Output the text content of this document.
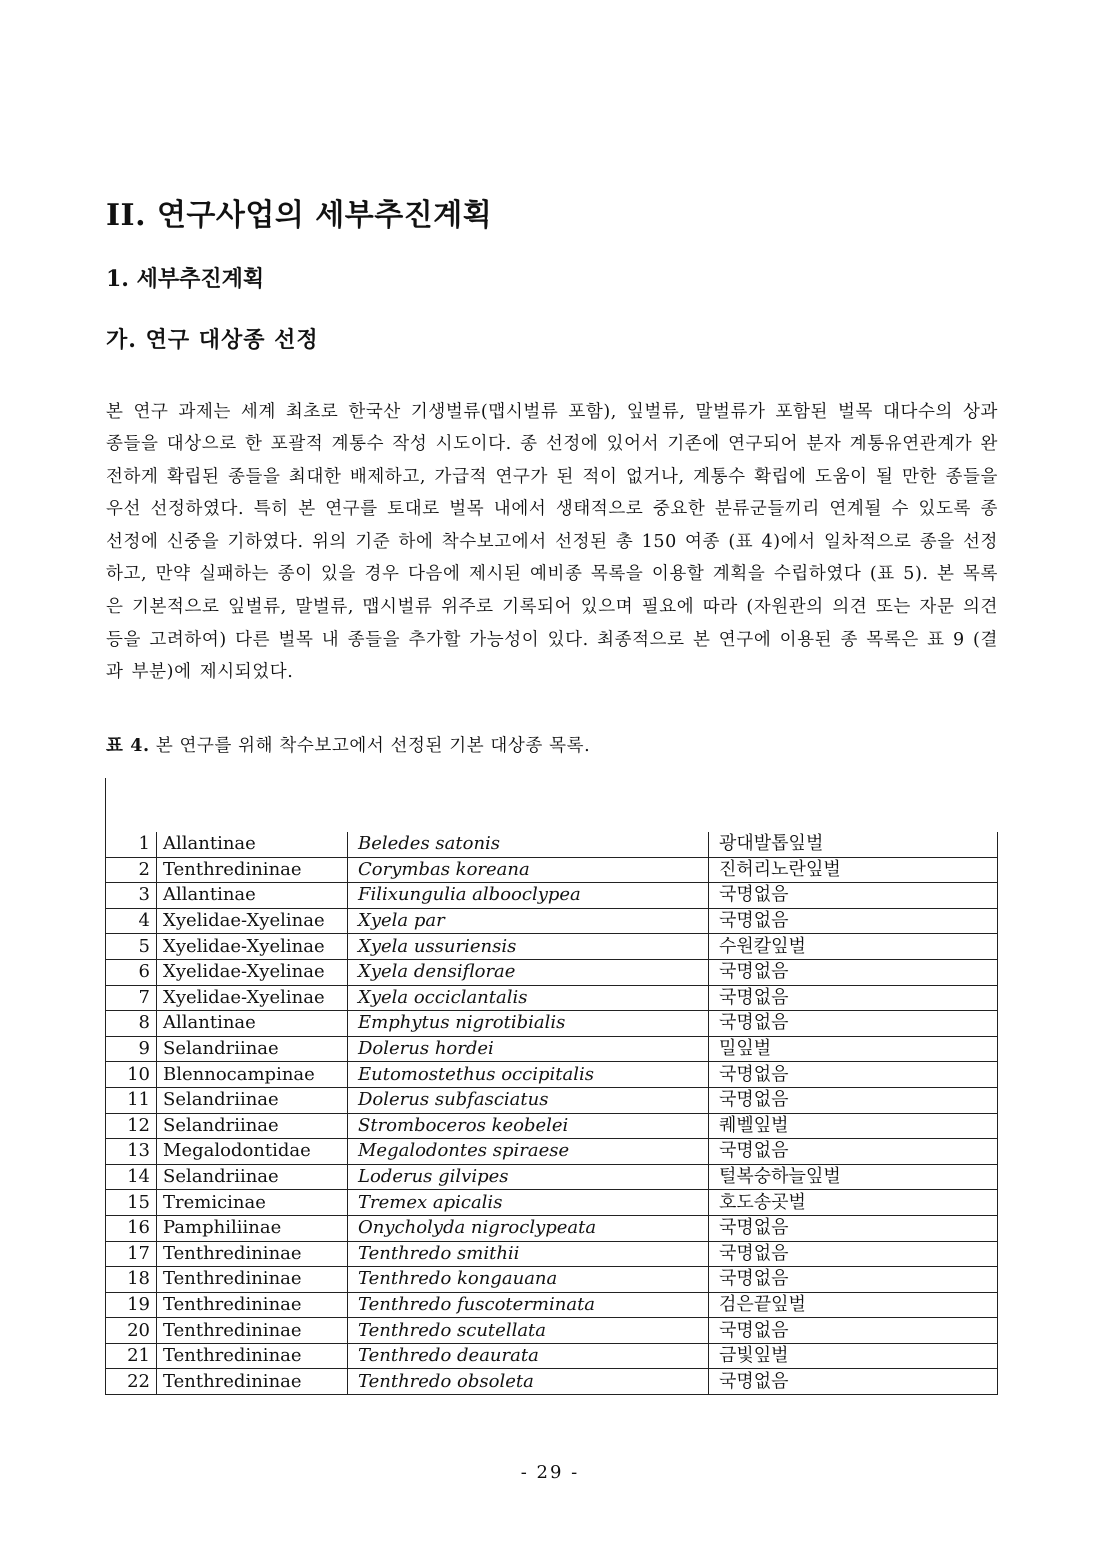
II. 연구사업의 세부추진계획
1. 세부추진계획
가. 연구 대상종 선정

본 연구 과제는 세계 최초로 한국산 기생벌류(맵시벌류 포함), 잎벌류, 말벌류가 포함된 벌목 대다수의 상과 종들을 대상으로 한 포괄적 계통수 작성 시도이다. 종 선정에 있어서 기존에 연구되어 분자 계통유연관계가 완전하게 확립된 종들을 최대한 배제하고, 가급적 연구가 된 적이 없거나, 계통수 확립에 도움이 될 만한 종들을 우선 선정하였다. 특히 본 연구를 토대로 벌목 내에서 생태적으로 중요한 분류군들끼리 연계될 수 있도록 종 선정에 신중을 기하였다. 위의 기준 하에 착수보고에서 선정된 총 150 여종 (표 4)에서 일차적으로 종을 선정하고, 만약 실패하는 종이 있을 경우 다음에 제시된 예비종 목록을 이용할 계획을 수립하였다 (표 5). 본 목록은 기본적으로 잎벌류, 말벌류, 맵시벌류 위주로 기록되어 있으며 필요에 따라 (자원관의 의견 또는 자문 의견 등을 고려하여) 다른 벌목 내 종들을 추가할 가능성이 있다. 최종적으로 본 연구에 이용된 종 목록은 표 9 (결과 부분)에 제시되었다.

표 4. 본 연구를 위해 착수보고에서 선정된 기본 대상종 목록.
1	Allantinae	Beledes satonis	광대발톱잎벌
2	Tenthredininae	Corymbas koreana	진허리노란잎벌
3	Allantinae	Filixungulia albooclypea	국명없음
4	Xyelidae-Xyelinae	Xyela par	국명없음
5	Xyelidae-Xyelinae	Xyela ussuriensis	수원칼잎벌
6	Xyelidae-Xyelinae	Xyela densiflorae	국명없음
7	Xyelidae-Xyelinae	Xyela occiclantalis	국명없음
8	Allantinae	Emphytus nigrotibialis	국명없음
9	Selandriinae	Dolerus hordei	밀잎벌
10	Blennocampinae	Eutomostethus occipitalis	국명없음
11	Selandriinae	Dolerus subfasciatus	국명없음
12	Selandriinae	Stromboceros keobelei	퀘벨잎벌
13	Megalodontidae	Megalodontes spiraese	국명없음
14	Selandriinae	Loderus gilvipes	털복숭하늘잎벌
15	Tremicinae	Tremex apicalis	호도송곳벌
16	Pamphiliinae	Onycholyda nigroclypeata	국명없음
17	Tenthredininae	Tenthredo smithii	국명없음
18	Tenthredininae	Tenthredo kongauana	국명없음
19	Tenthredininae	Tenthredo fuscoterminata	검은끝잎벌
20	Tenthredininae	Tenthredo scutellata	국명없음
21	Tenthredininae	Tenthredo deaurata	금빛잎벌
22	Tenthredininae	Tenthredo obsoleta	국명없음
- 29 -
